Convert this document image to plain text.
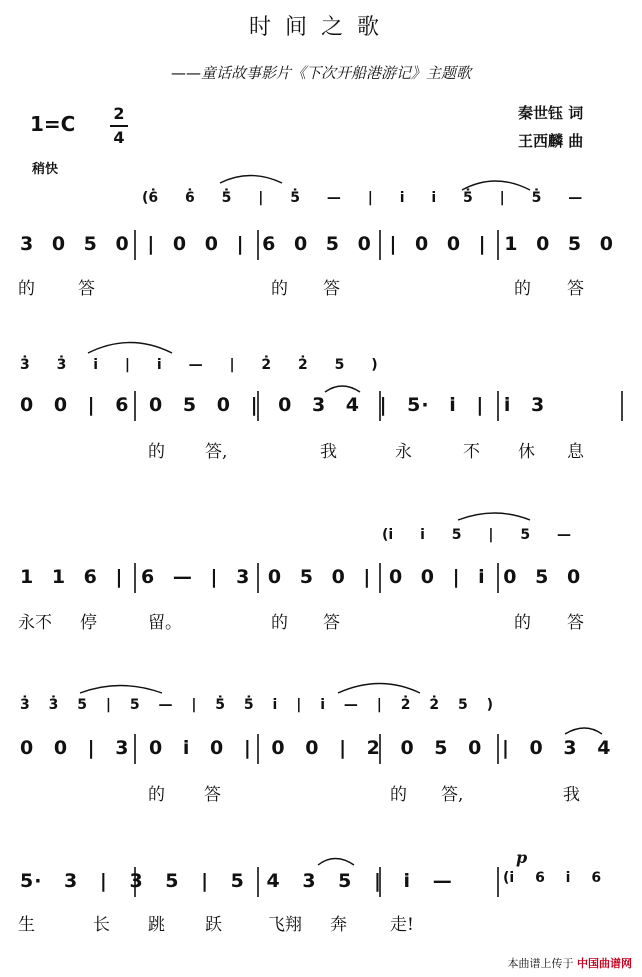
时间之歌
——童话故事影片《下次开船港游记》主题歌
秦世钰 词
王西麟 曲
1=C 2
4
稍快
(6̇ 6̇ 5̇ | 5̇ — | i i 5̇ | 5̇ —
3 0 5 0 | 0 0 | 6 0 5 0 | 0 0 | 1 0 5 0
的	答	的 答	的 答
3̇ 3̇ i | i — | 2̇ 2̇ 5 )
0 0 | 6 0 5 0 | 0 3 4 | 5· i | i 3
的 答,	我	永	不 休 息
(i i 5 | 5 —
1 1 6 | 6 — | 3 0 5 0 | 0 0 | i 0 5 0
永不 停	留。	的 答	的 答
3̇ 3̇ 5 | 5 — | 5̇ 5̇ i | i — | 2̇ 2̇ 5 )
0 0 | 3 0 i 0 | 0 0 | 2 0 5 0 | 0 3 4
的 答	的 答,	我
p
(i 6 i 6
5· 3 | 3 5 | 5 4 3 5 | i —
生	长 跳 跃	飞翔 奔	走!
本曲谱上传于 中国曲谱网
